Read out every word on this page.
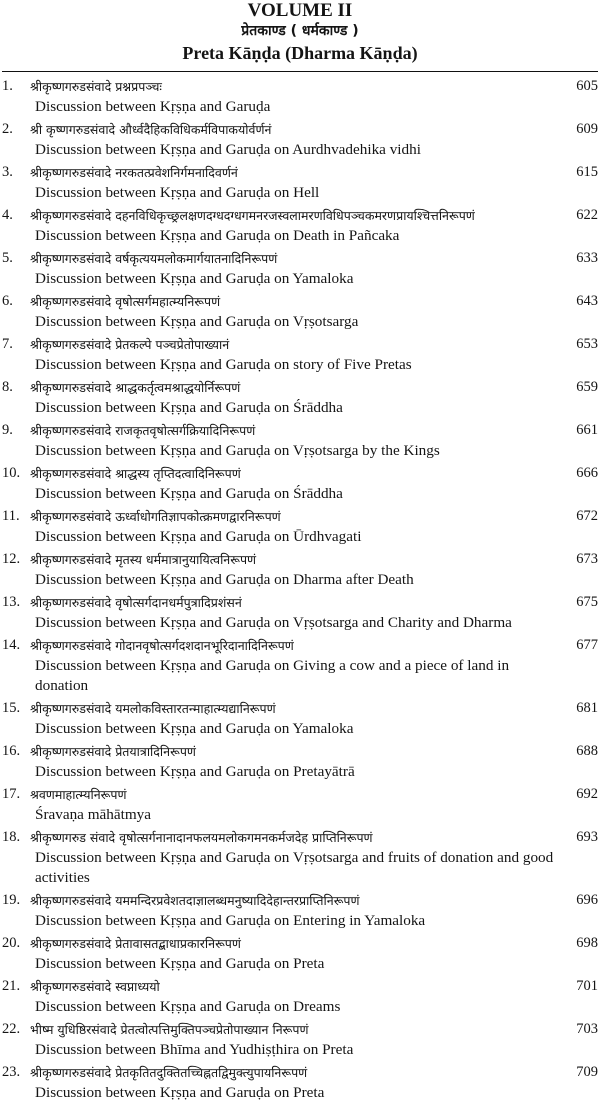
VOLUME II
प्रेतकाण्ड ( धर्मकाण्ड )
Preta Kāṇḍa (Dharma Kāṇḍa)
1. श्रीकृष्णगरुडसंवादे प्रश्नप्रपञ्चः	605
Discussion between Kṛṣṇa and Garuḍa
2. श्री कृष्णगरुडसंवादे और्ध्वदैहिकविधिकर्मविपाकयोर्वर्णनं	609
Discussion between Kṛṣṇa and Garuḍa on Aurdhvadehika vidhi
3. श्रीकृष्णगरुडसंवादे नरकतत्प्रवेशनिर्गमनादिवर्णनं	615
Discussion between Kṛṣṇa and Garuḍa on Hell
4. श्रीकृष्णगरुडसंवादे दहनविधिकृच्छ्रलक्षणदग्धदग्धगमनरजस्वलामरणविधिपञ्चकमरणप्रायश्चित्तनिरूपणं	622
Discussion between Kṛṣṇa and Garuḍa on Death in Pañcaka
5. श्रीकृष्णगरुडसंवादे वर्षकृत्ययमलोकमार्गयातनादिनिरूपणं	633
Discussion between Kṛṣṇa and Garuḍa on Yamaloka
6. श्रीकृष्णगरुडसंवादे वृषोत्सर्गमहात्म्यनिरूपणं	643
Discussion between Kṛṣṇa and Garuḍa on Vṛṣotsarga
7. श्रीकृष्णगरुडसंवादे प्रेतकल्पे पञ्चप्रेतोपाख्यानं	653
Discussion between Kṛṣṇa and Garuḍa on story of Five Pretas
8. श्रीकृष्णगरुडसंवादे श्राद्धकर्तृत्वमश्राद्धयोर्निरूपणं	659
Discussion between Kṛṣṇa and Garuḍa on Śrāddha
9. श्रीकृष्णगरुडसंवादे राजकृतवृषोत्सर्गक्रियादिनिरूपणं	661
Discussion between Kṛṣṇa and Garuḍa on Vṛṣotsarga by the Kings
10. श्रीकृष्णगरुडसंवादे श्राद्धस्य तृप्तिदत्वादिनिरूपणं	666
Discussion between Kṛṣṇa and Garuḍa on Śrāddha
11. श्रीकृष्णगरुडसंवादे ऊर्ध्वाधोगतिज्ञापकोत्क्रमणद्वारनिरूपणं	672
Discussion between Kṛṣṇa and Garuḍa on Ūrdhvagati
12. श्रीकृष्णगरुडसंवादे मृतस्य धर्ममात्रानुयायित्वनिरूपणं	673
Discussion between Kṛṣṇa and Garuḍa on Dharma after Death
13. श्रीकृष्णगरुडसंवादे वृषोत्सर्गदानधर्मपुत्रादिप्रशंसनं	675
Discussion between Kṛṣṇa and Garuḍa on Vṛṣotsarga and Charity and Dharma
14. श्रीकृष्णगरुडसंवादे गोदानवृषोत्सर्गदशदानभूरिदानादिनिरूपणं	677
Discussion between Kṛṣṇa and Garuḍa on Giving a cow and a piece of land in donation
15. श्रीकृष्णगरुडसंवादे यमलोकविस्तारतन्माहात्म्यद्यानिरूपणं	681
Discussion between Kṛṣṇa and Garuḍa on Yamaloka
16. श्रीकृष्णगरुडसंवादे प्रेतयात्रादिनिरूपणं	688
Discussion between Kṛṣṇa and Garuḍa on Pretayātrā
17. श्रवणमाहात्म्यनिरूपणं	692
Śravaṇa māhātmya
18. श्रीकृष्णगरुड संवादे वृषोत्सर्गनानादानफलयमलोकगमनकर्मजदेह प्राप्तिनिरूपणं	693
Discussion between Kṛṣṇa and Garuḍa on Vṛṣotsarga and fruits of donation and good activities
19. श्रीकृष्णगरुडसंवादे यममन्दिरप्रवेशतदाज्ञालब्धमनुष्यादिदेहान्तरप्राप्तिनिरूपणं	696
Discussion between Kṛṣṇa and Garuḍa on Entering in Yamaloka
20. श्रीकृष्णगरुडसंवादे प्रेतावासतद्बाधाप्रकारनिरूपणं	698
Discussion between Kṛṣṇa and Garuḍa on Preta
21. श्रीकृष्णगरुडसंवादे स्वप्नाध्ययो	701
Discussion between Kṛṣṇa and Garuḍa on Dreams
22. भीष्म युधिष्ठिरसंवादे प्रेतत्वोत्पत्तिमुक्तिपञ्चप्रेतोपाख्यान निरूपणं	703
Discussion between Bhīma and Yudhiṣṭhira on Preta
23. श्रीकृष्णगरुडसंवादे प्रेतकृतितदुक्तितच्चिह्नतद्विमुक्त्युपायनिरूपणं	709
Discussion between Kṛṣṇa and Garuḍa on Preta
